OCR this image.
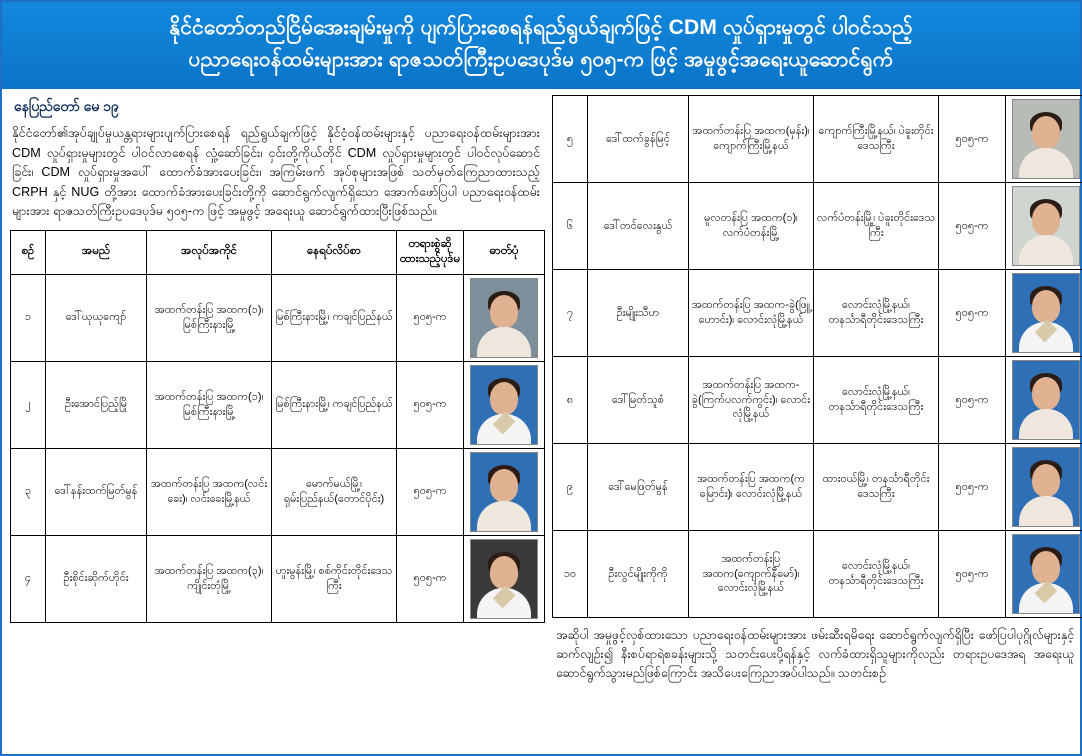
နိုင်ငံတော်တည်ငြိမ်အေးချမ်းမှုကို ပျက်ပြားစေရန်ရည်ရွယ်ချက်ဖြင့် CDM လှုပ်ရှားမှုတွင် ပါဝင်သည့်
ပညာရေးဝန်ထမ်းများအား ရာဇသတ်ကြီးဥပဒေပုဒ်မ ၅၀၅-က ဖြင့် အမှုဖွင့်အရေးယူဆောင်ရွက်
နေပြည်တော် မေ ၁၉

နိုင်ငံတော်၏အုပ်ချုပ်မှုယန္တရားများပျက်ပြားစေရန် ရည်ရွယ်ချက်ဖြင့် နိုင်ငံ့ဝန်ထမ်းများနှင့် ပညာရေးဝန်ထမ်းများအား CDM လှုပ်ရှားမှုများတွင် ပါဝင်လာစေရန် လှုံ့ဆော်ခြင်း၊ ငှင်းတို့ကိုယ်တိုင် CDM လှုပ်ရှားမှုများတွင် ပါဝင်လုပ်ဆောင်ခြင်း၊ CDM လှုပ်ရှားမှုအပေါ် ထောက်ခံအားပေးခြင်း၊ အကြမ်းဖက် အုပ်စုများအဖြစ် သတ်မှတ်ကြေညာထားသည့် CRPH နှင့် NUG တို့အား ထောက်ခံအားပေးခြင်းတို့ကို ဆောင်ရွက်လျက်ရှိသော အောက်ဖော်ပြပါ ပညာရေးဝန်ထမ်းများအား ရာဇသတ်ကြီးဥပဒေပုဒ်မ ၅၀၅-က ဖြင့် အမှုဖွင့် အရေးယူ ဆောင်ရွက်ထားပြီးဖြစ်သည်။

စဉ်	အမည်	အလုပ်အကိုင်	နေရပ်လိပ်စာ	တရားစွဲဆို ထားသည့်ပုဒ်မ	ဓာတ်ပုံ
၁	ဒေါ်ယုယုကျော်	အထက်တန်းပြ အထက(၁)၊ မြစ်ကြီးနားမြို့	မြစ်ကြီးနားမြို့၊ ကချင်ပြည်နယ်	၅၀၅-က	

၂	ဦးအောင်ပြည့်မြို	အထက်တန်းပြ အထက(၁)၊ မြစ်ကြီးနားမြို့	မြစ်ကြီးနားမြို့၊ ကချင်ပြည်နယ်	၅၀၅-က	

၃	ဒေါ်နန်းထက်မြတ်မွန်	အထက်တန်းပြ အထက(လင်းခေး)၊ လင်းခေးမြို့နယ်	မောက်မယ်မြို့၊ ရှမ်းပြည်နယ်(တောင်ပိုင်း)	၅၀၅-က	

၄	ဦးစိုင်းဆိုက်ဟိုင်း	အထက်တန်းပြ အထက(၃)၊ ကျိုင်းတုံမြို့	ဟူးမွန်းမြို့၊ စစ်ကိုင်းတိုင်းဒေသကြီး	၅၀၅-က	
၅	ဒေါ်ထက်ခွန်မြင့်	အထက်တန်းပြ အထက(မှန်း)၊ ကျောက်ကြီးမြို့နယ်	ကျောက်ကြီးမြို့နယ်၊ ပဲခူးတိုင်းဒေသကြီး	၅၀၅-က	

၆	ဒေါ်တင်လေးနွယ်	မူလတန်းပြ အထက(၁)၊ လက်ပံတန်းမြို့	လက်ပံတန်းမြို့၊ ပဲခူးတိုင်းဒေသကြီး	၅၀၅-က	

၇	ဦးမျိုးသီဟ	အထက်တန်းပြ အထက-ခွဲ(ဖြူ့ဟောင်း)၊ လောင်းလုံမြို့နယ်	လောင်းလုံမြို့နယ်၊ တနင်္သာရီတိုင်းဒေသကြီး	၅၀၅-က	

၈	ဒေါ်မြတ်သူစံ	အထက်တန်းပြ အထက-ခွဲ(ကြက်ပလက်ကွင်း)၊ လောင်းလုံမြို့နယ်	လောင်းလုံမြို့နယ်၊ တနင်္သာရီတိုင်းဒေသကြီး	၅၀၅-က	

၉	ဒေါ်မေဖြတ်မွန်	အထက်တန်းပြ အထက(ကမြောင်း)၊ လောင်းလုံမြို့နယ်	ထားဝယ်မြို့၊ တနင်္သာရီတိုင်းဒေသကြီး	၅၀၅-က	

၁၀	ဦးလွင်မျိုးကိုကို	အထက်တန်းပြ အထက(ကျောက်နီမော်)၊ လောင်းလုံမြို့နယ်	လောင်းလုံမြို့နယ်၊ တနင်္သာရီတိုင်းဒေသကြီး	၅၀၅-က	

အဆိုပါ အမှုဖွင့်လှစ်ထားသော ပညာရေးဝန်ထမ်းများအား ဖမ်းဆီးရမိရေး ဆောင်ရွက်လျက်ရှိပြီး ဖော်ပြပါပုဂ္ဂိုလ်များနှင့်ဆက်လျဉ်း၍ နီးစပ်ရာရဲစခန်းများသို့ သတင်းပေးပို့ရန်နှင့် လက်ခံထားရှိသူများကိုလည်း တရားဥပဒေအရ အရေးယူဆောင်ရွက်သွားမည်ဖြစ်ကြောင်း အသိပေးကြေညာအပ်ပါသည်။ သတင်းစဉ်
